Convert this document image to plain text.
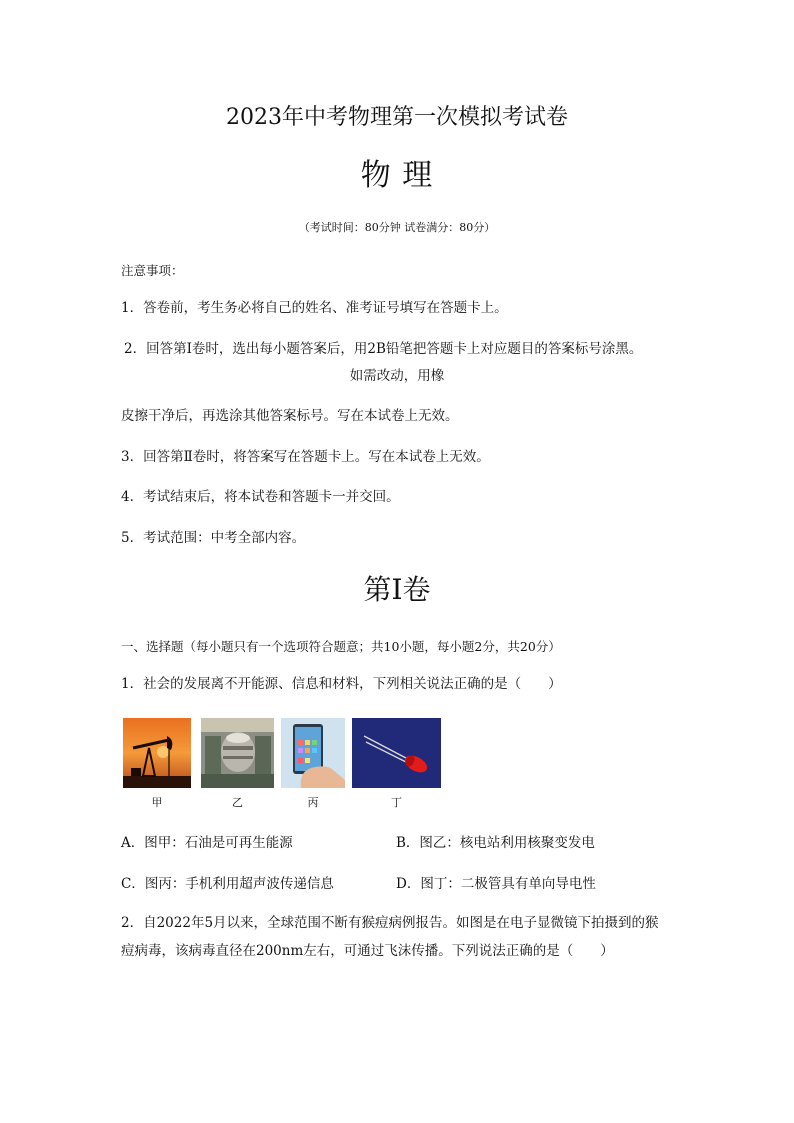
2023年中考物理第一次模拟考试卷
物 理
（考试时间：80分钟 试卷满分：80分）
注意事项：
1．答卷前，考生务必将自己的姓名、准考证号填写在答题卡上。
2．回答第Ⅰ卷时，选出每小题答案后，用2B铅笔把答题卡上对应题目的答案标号涂黑。
如需改动，用橡
皮擦干净后，再选涂其他答案标号。写在本试卷上无效。
3．回答第Ⅱ卷时，将答案写在答题卡上。写在本试卷上无效。
4．考试结束后，将本试卷和答题卡一并交回。
5．考试范围：中考全部内容。
第Ⅰ卷
一、选择题（每小题只有一个选项符合题意；共10小题，每小题2分，共20分）
1．社会的发展离不开能源、信息和材料，下列相关说法正确的是（　　）
甲	乙	丙	丁
A．图甲：石油是可再生能源	B．图乙：核电站利用核聚变发电
C．图丙：手机利用超声波传递信息	D．图丁：二极管具有单向导电性
2．自2022年5月以来，全球范围不断有猴痘病例报告。如图是在电子显微镜下拍摄到的猴
痘病毒，该病毒直径在200nm左右，可通过飞沫传播。下列说法正确的是（　　）
